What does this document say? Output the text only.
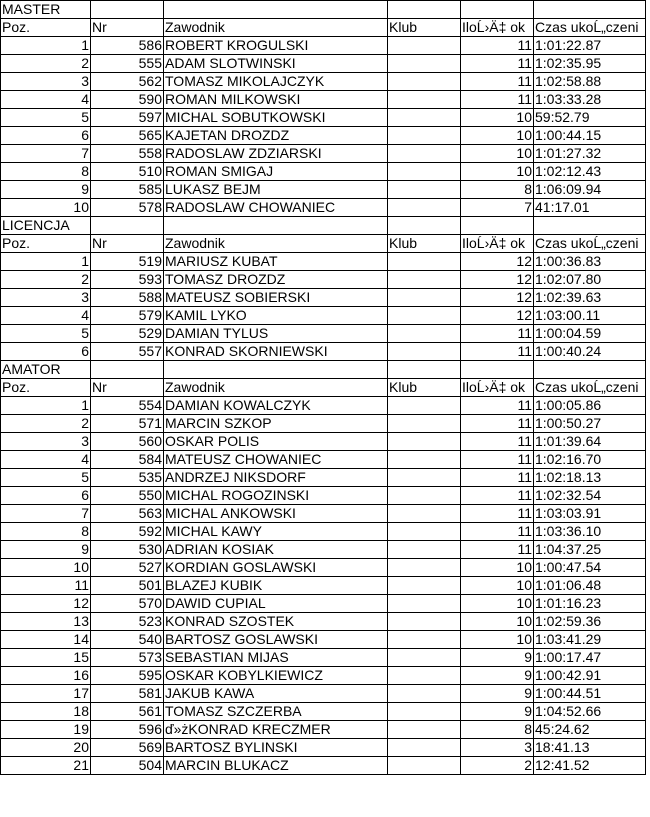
MASTER					
Poz.	Nr	Zawodnik	Klub	IloĹ›Ä‡ ok	Czas ukoĹ„czeni
1	586	ROBERT KROGULSKI		11	1:01:22.87
2	555	ADAM SLOTWINSKI		11	1:02:35.95
3	562	TOMASZ MIKOLAJCZYK		11	1:02:58.88
4	590	ROMAN MILKOWSKI		11	1:03:33.28
5	597	MICHAL SOBUTKOWSKI		10	59:52.79
6	565	KAJETAN DROZDZ		10	1:00:44.15
7	558	RADOSLAW ZDZIARSKI		10	1:01:27.32
8	510	ROMAN SMIGAJ		10	1:02:12.43
9	585	LUKASZ BEJM		8	1:06:09.94
10	578	RADOSLAW CHOWANIEC		7	41:17.01
LICENCJA					
Poz.	Nr	Zawodnik	Klub	IloĹ›Ä‡ ok	Czas ukoĹ„czeni
1	519	MARIUSZ KUBAT		12	1:00:36.83
2	593	TOMASZ DROZDZ		12	1:02:07.80
3	588	MATEUSZ SOBIERSKI		12	1:02:39.63
4	579	KAMIL LYKO		12	1:03:00.11
5	529	DAMIAN TYLUS		11	1:00:04.59
6	557	KONRAD SKORNIEWSKI		11	1:00:40.24
AMATOR					
Poz.	Nr	Zawodnik	Klub	IloĹ›Ä‡ ok	Czas ukoĹ„czeni
1	554	DAMIAN KOWALCZYK		11	1:00:05.86
2	571	MARCIN SZKOP		11	1:00:50.27
3	560	OSKAR POLIS		11	1:01:39.64
4	584	MATEUSZ CHOWANIEC		11	1:02:16.70
5	535	ANDRZEJ NIKSDORF		11	1:02:18.13
6	550	MICHAL ROGOZINSKI		11	1:02:32.54
7	563	MICHAL ANKOWSKI		11	1:03:03.91
8	592	MICHAL KAWY		11	1:03:36.10
9	530	ADRIAN KOSIAK		11	1:04:37.25
10	527	KORDIAN GOSLAWSKI		10	1:00:47.54
11	501	BLAZEJ KUBIK		10	1:01:06.48
12	570	DAWID CUPIAL		10	1:01:16.23
13	523	KONRAD SZOSTEK		10	1:02:59.36
14	540	BARTOSZ GOSLAWSKI		10	1:03:41.29
15	573	SEBASTIAN MIJAS		9	1:00:17.47
16	595	OSKAR KOBYLKIEWICZ		9	1:00:42.91
17	581	JAKUB KAWA		9	1:00:44.51
18	561	TOMASZ SZCZERBA		9	1:04:52.66
19	596	ď»żKONRAD KRECZMER		8	45:24.62
20	569	BARTOSZ BYLINSKI		3	18:41.13
21	504	MARCIN BLUKACZ		2	12:41.52
